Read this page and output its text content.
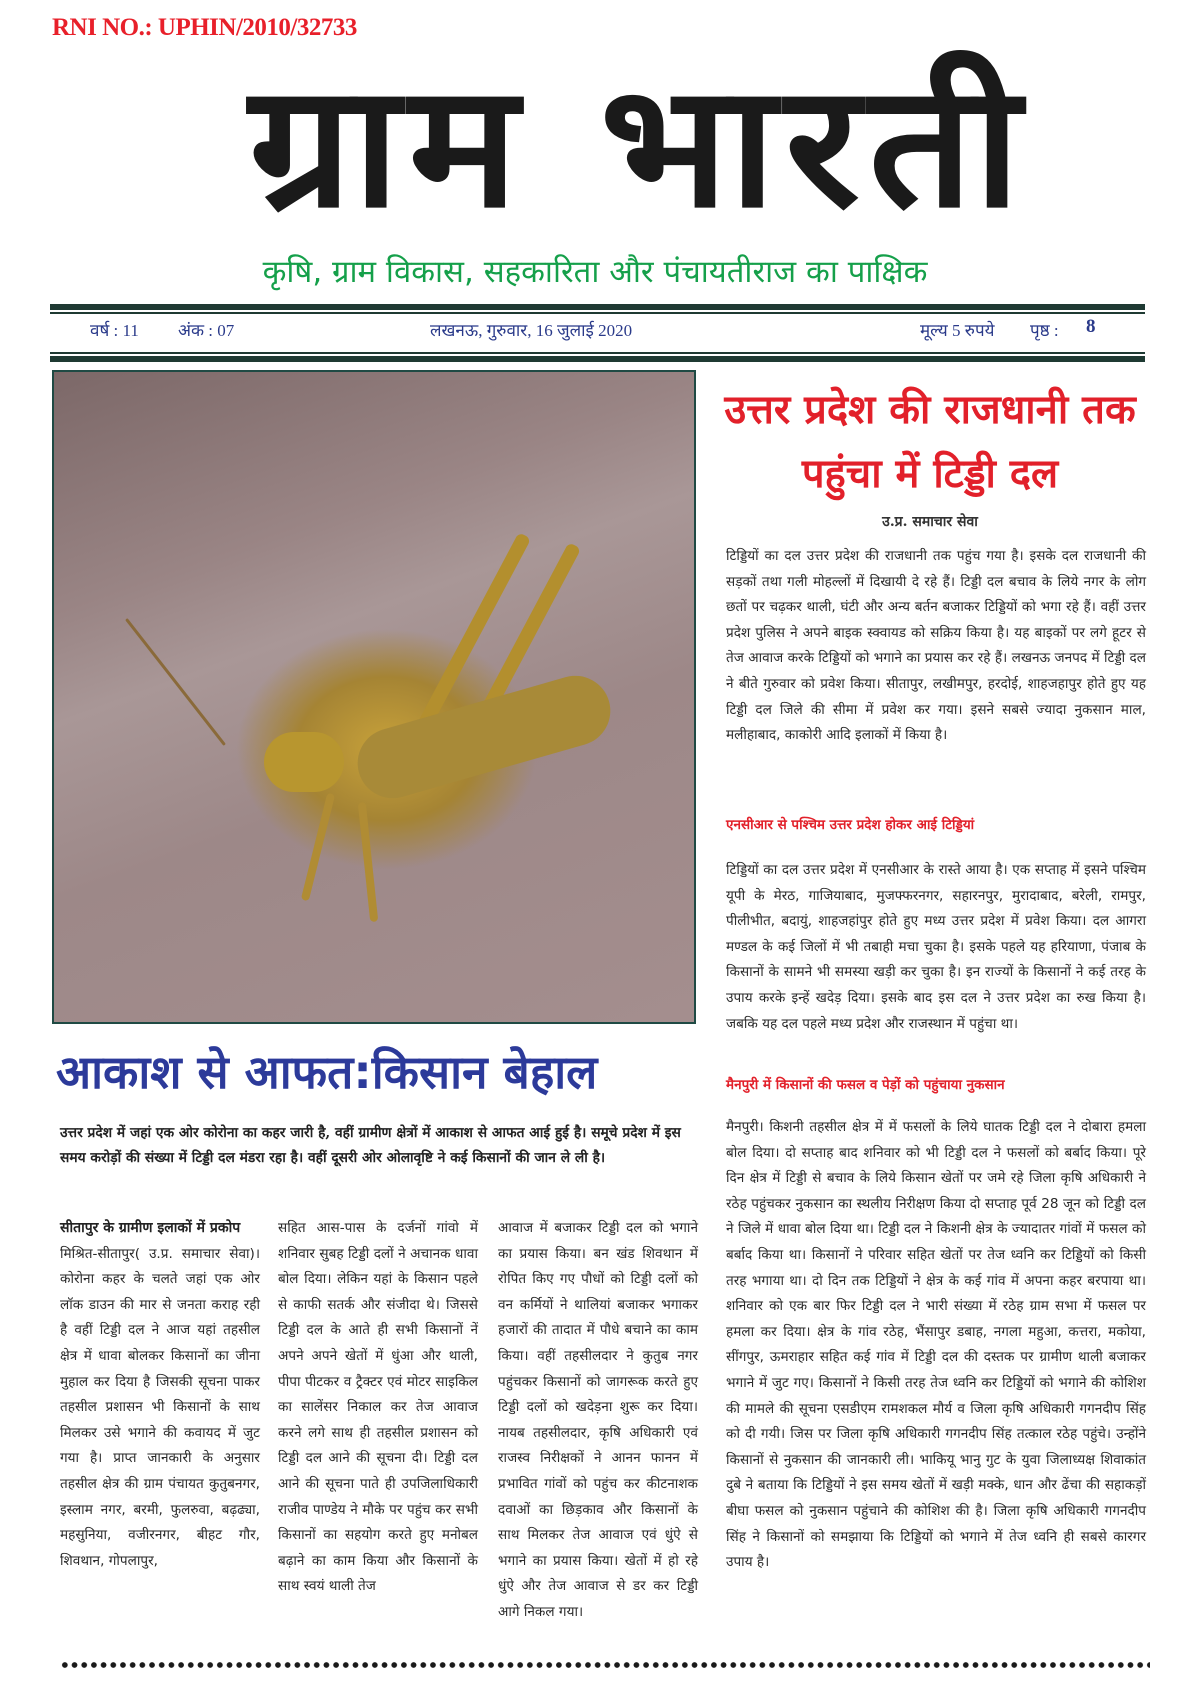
RNI NO.: UPHIN/2010/32733
ग्राम भारती
कृषि, ग्राम विकास, सहकारिता और पंचायतीराज का पाक्षिक
वर्ष : 11 अंक : 07	लखनऊ, गुरुवार, 16 जुलाई 2020	मूल्य 5 रुपये पृष्ठ : 8
उत्तर प्रदेश की राजधानी तक पहुंचा में टिड्डी दल
उ.प्र. समाचार सेवा
टिड्डियों का दल उत्तर प्रदेश की राजधानी तक पहुंच गया है। इसके दल राजधानी की सड़कों तथा गली मोहल्लों में दिखायी दे रहे हैं। टिड्डी दल बचाव के लिये नगर के लोग छतों पर चढ़कर थाली, घंटी और अन्य बर्तन बजाकर टिड्डियों को भगा रहे हैं। वहीं उत्तर प्रदेश पुलिस ने अपने बाइक स्क्वायड को सक्रिय किया है। यह बाइकों पर लगे हूटर से तेज आवाज करके टिड्डियों को भगाने का प्रयास कर रहे हैं। लखनऊ जनपद में टिड्डी दल ने बीते गुरुवार को प्रवेश किया। सीतापुर, लखीमपुर, हरदोई, शाहजहापुर होते हुए यह टिड्डी दल जिले की सीमा में प्रवेश कर गया। इसने सबसे ज्यादा नुकसान माल, मलीहाबाद, काकोरी आदि इलाकों में किया है।
एनसीआर से पश्चिम उत्तर प्रदेश होकर आई टिड्डियां
टिड्डियों का दल उत्तर प्रदेश में एनसीआर के रास्ते आया है। एक सप्ताह में इसने पश्चिम यूपी के मेरठ, गाजियाबाद, मुजफ्फरनगर, सहारनपुर, मुरादाबाद, बरेली, रामपुर, पीलीभीत, बदायुं, शाहजहांपुर होते हुए मध्य उत्तर प्रदेश में प्रवेश किया। दल आगरा मण्डल के कई जिलों में भी तबाही मचा चुका है। इसके पहले यह हरियाणा, पंजाब के किसानों के सामने भी समस्या खड़ी कर चुका है। इन राज्यों के किसानों ने कई तरह के उपाय करके इन्हें खदेड़ दिया। इसके बाद इस दल ने उत्तर प्रदेश का रुख किया है। जबकि यह दल पहले मध्य प्रदेश और राजस्थान में पहुंचा था।
मैनपुरी में किसानों की फसल व पेड़ों को पहुंचाया नुकसान
मैनपुरी। किशनी तहसील क्षेत्र में में फसलों के लिये घातक टिड्डी दल ने दोबारा हमला बोल दिया। दो सप्ताह बाद शनिवार को भी टिड्डी दल ने फसलों को बर्बाद किया। पूरे दिन क्षेत्र में टिड्डी से बचाव के लिये किसान खेतों पर जमे रहे जिला कृषि अधिकारी ने रठेह पहुंचकर नुकसान का स्थलीय निरीक्षण किया दो सप्ताह पूर्व 28 जून को टिड्डी दल ने जिले में धावा बोल दिया था। टिड्डी दल ने किशनी क्षेत्र के ज्यादातर गांवों में फसल को बर्बाद किया था। किसानों ने परिवार सहित खेतों पर तेज ध्वनि कर टिड्डियों को किसी तरह भगाया था। दो दिन तक टिड्डियों ने क्षेत्र के कई गांव में अपना कहर बरपाया था। शनिवार को एक बार फिर टिड्डी दल ने भारी संख्या में रठेह ग्राम सभा में फसल पर हमला कर दिया। क्षेत्र के गांव रठेह, भैंसापुर डबाह, नगला महुआ, कत्तरा, मकोया, सींगपुर, ऊमराहार सहित कई गांव में टिड्डी दल की दस्तक पर ग्रामीण थाली बजाकर भगाने में जुट गए। किसानों ने किसी तरह तेज ध्वनि कर टिड्डियों को भगाने की कोशिश की मामले की सूचना एसडीएम रामशकल मौर्य व जिला कृषि अधिकारी गगनदीप सिंह को दी गयी। जिस पर जिला कृषि अधिकारी गगनदीप सिंह तत्काल रठेह पहुंचे। उन्होंने किसानों से नुकसान की जानकारी ली। भाकियू भानु गुट के युवा जिलाध्यक्ष शिवाकांत दुबे ने बताया कि टिड्डियों ने इस समय खेतों में खड़ी मक्के, धान और ढेंचा की सहाकड़ों बीघा फसल को नुकसान पहुंचाने की कोशिश की है। जिला कृषि अधिकारी गगनदीप सिंह ने किसानों को समझाया कि टिड्डियों को भगाने में तेज ध्वनि ही सबसे कारगर उपाय है।
आकाश से आफत:किसान बेहाल
उत्तर प्रदेश में जहां एक ओर कोरोना का कहर जारी है, वहीं ग्रामीण क्षेत्रों में आकाश से आफत आई हुई है। समूचे प्रदेश में इस समय करोड़ों की संख्या में टिड्डी दल मंडरा रहा है। वहीं दूसरी ओर ओलावृष्टि ने कई किसानों की जान ले ली है।
सीतापुर के ग्रामीण इलाकों में प्रकोप
मिश्रित-सीतापुर( उ.प्र. समाचार सेवा)। कोरोना कहर के चलते जहां एक ओर लॉक डाउन की मार से जनता कराह रही है वहीं टिड्डी दल ने आज यहां तहसील क्षेत्र में धावा बोलकर किसानों का जीना मुहाल कर दिया है जिसकी सूचना पाकर तहसील प्रशासन भी किसानों के साथ मिलकर उसे भगाने की कवायद में जुट गया है। प्राप्त जानकारी के अनुसार तहसील क्षेत्र की ग्राम पंचायत कुतुबनगर, इस्लाम नगर, बरमी, फुलरुवा, बढ़ढ्या, महसुनिया, वजीरनगर, बीहट गौर, शिवथान, गोपलापुर,
सहित आस-पास के दर्जनों गांवो में शनिवार सुबह टिड्डी दलों ने अचानक धावा बोल दिया। लेकिन यहां के किसान पहले से काफी सतर्क और संजीदा थे। जिससे टिड्डी दल के आते ही सभी किसानों नें अपने अपने खेतों में धुंआ और थाली, पीपा पीटकर व ट्रैक्टर एवं मोटर साइकिल का सालेंसर निकाल कर तेज आवाज करने लगे साथ ही तहसील प्रशासन को टिड्डी दल आने की सूचना दी। टिड्डी दल आने की सूचना पाते ही उपजिलाधिकारी राजीव पाण्डेय ने मौके पर पहुंच कर सभी किसानों का सहयोग करते हुए मनोबल बढ़ाने का काम किया और किसानों के साथ स्वयं थाली तेज
आवाज में बजाकर टिड्डी दल को भगाने का प्रयास किया। बन खंड शिवथान में रोपित किए गए पौधों को टिड्डी दलों को वन कर्मियों ने थालियां बजाकर भगाकर हजारों की तादात में पौधे बचाने का काम किया। वहीं तहसीलदार ने कुतुब नगर पहुंचकर किसानों को जागरूक करते हुए टिड्डी दलों को खदेड़ना शुरू कर दिया। नायब तहसीलदार, कृषि अधिकारी एवं राजस्व निरीक्षकों ने आनन फानन में प्रभावित गांवों को पहुंच कर कीटनाशक दवाओं का छिड़काव और किसानों के साथ मिलकर तेज आवाज एवं धुंऐ से भगाने का प्रयास किया। खेतों में हो रहे धुंऐ और तेज आवाज से डर कर टिड्डी आगे निकल गया।
